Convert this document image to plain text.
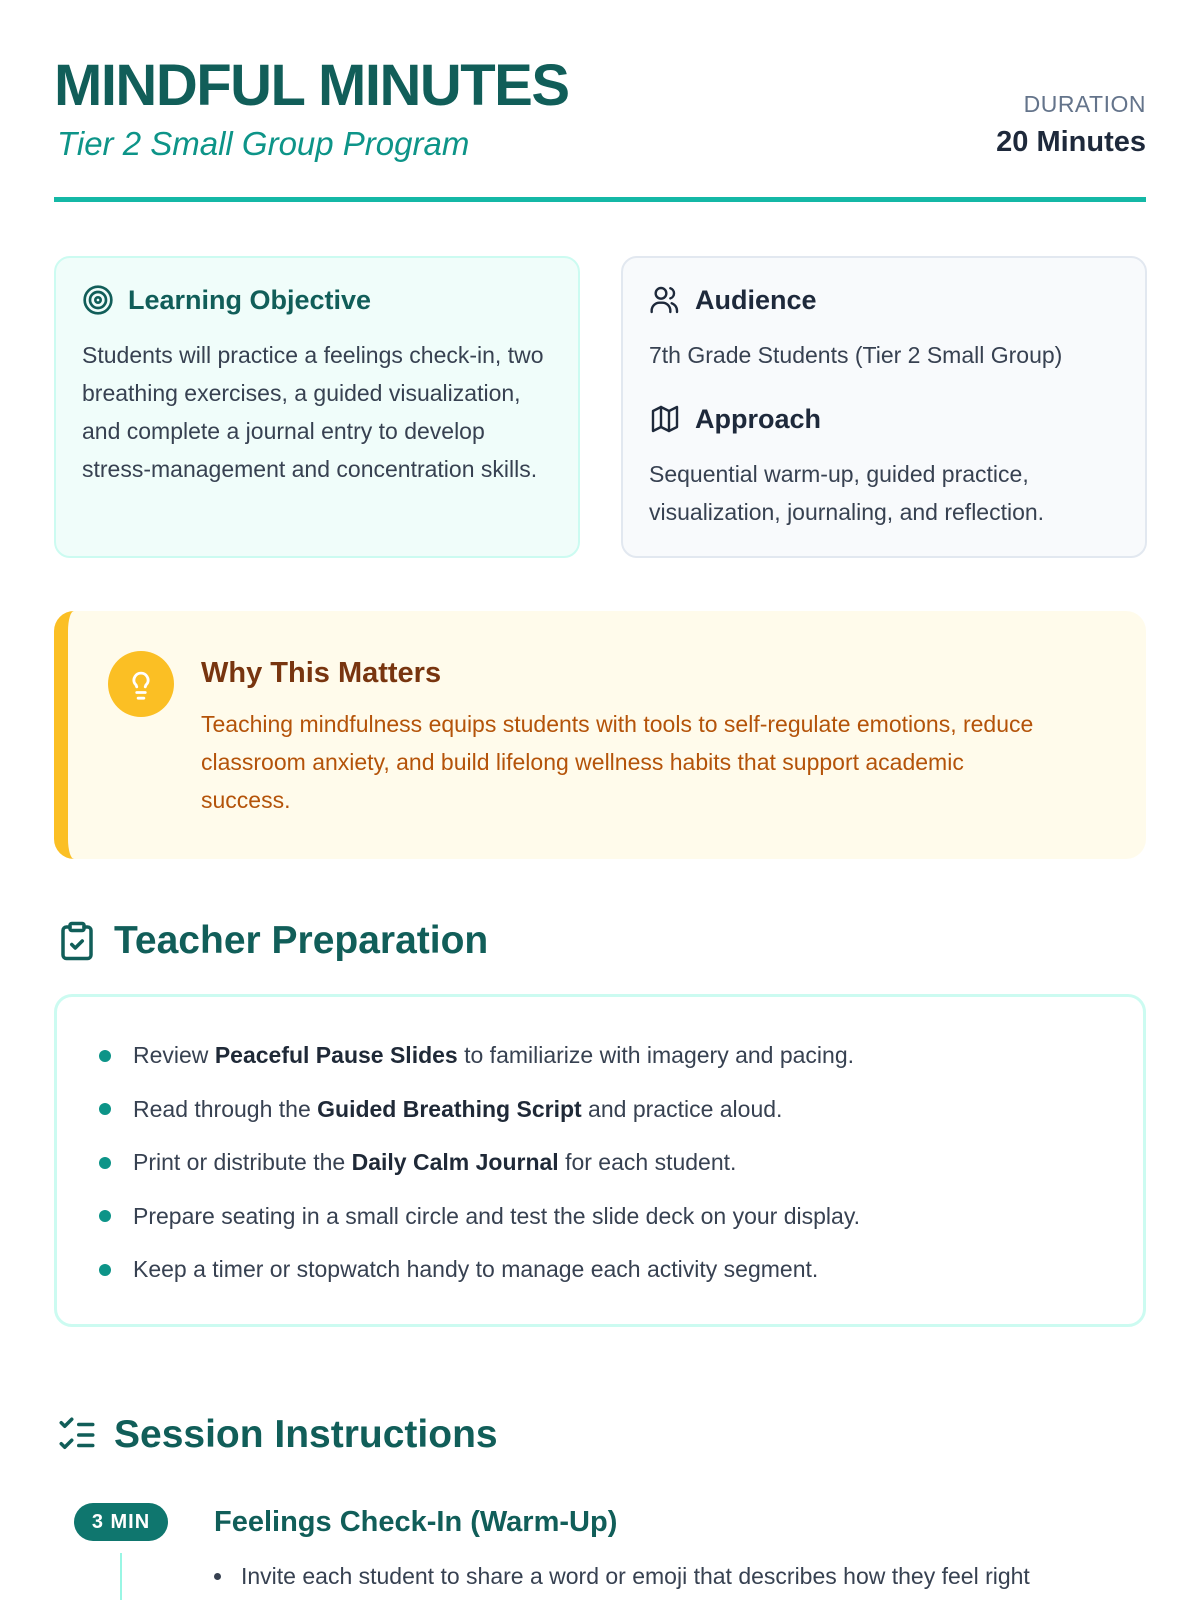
MINDFUL MINUTES
Tier 2 Small Group Program
DURATION
20 Minutes
Learning Objective
Students will practice a feelings check-in, two breathing exercises, a guided visualization, and complete a journal entry to develop stress-management and concentration skills.
Audience
7th Grade Students (Tier 2 Small Group)
Approach
Sequential warm-up, guided practice, visualization, journaling, and reflection.
Why This Matters
Teaching mindfulness equips students with tools to self-regulate emotions, reduce classroom anxiety, and build lifelong wellness habits that support academic success.
Teacher Preparation
Review Peaceful Pause Slides to familiarize with imagery and pacing.
Read through the Guided Breathing Script and practice aloud.
Print or distribute the Daily Calm Journal for each student.
Prepare seating in a small circle and test the slide deck on your display.
Keep a timer or stopwatch handy to manage each activity segment.
Session Instructions
3 MIN	Feelings Check-In (Warm-Up)
Invite each student to share a word or emoji that describes how they feel right
